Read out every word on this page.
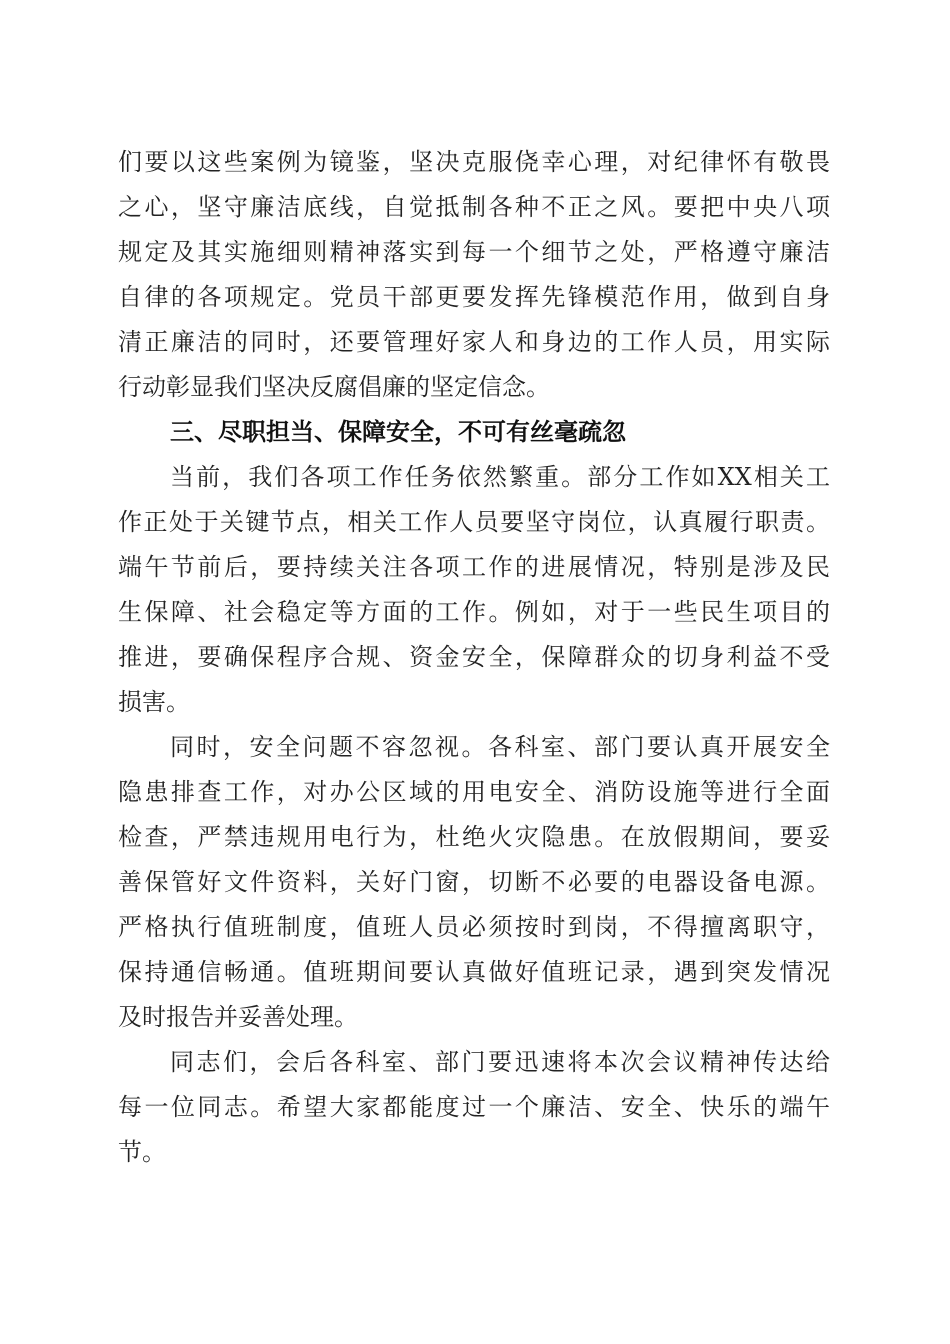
们要以这些案例为镜鉴，坚决克服侥幸心理，对纪律怀有敬畏
之心，坚守廉洁底线，自觉抵制各种不正之风。要把中央八项
规定及其实施细则精神落实到每一个细节之处，严格遵守廉洁
自律的各项规定。党员干部更要发挥先锋模范作用，做到自身
清正廉洁的同时，还要管理好家人和身边的工作人员，用实际
行动彰显我们坚决反腐倡廉的坚定信念。
三、尽职担当、保障安全，不可有丝毫疏忽
当前，我们各项工作任务依然繁重。部分工作如XX相关工
作正处于关键节点，相关工作人员要坚守岗位，认真履行职责。
端午节前后，要持续关注各项工作的进展情况，特别是涉及民
生保障、社会稳定等方面的工作。例如，对于一些民生项目的
推进，要确保程序合规、资金安全，保障群众的切身利益不受
损害。
同时，安全问题不容忽视。各科室、部门要认真开展安全
隐患排查工作，对办公区域的用电安全、消防设施等进行全面
检查，严禁违规用电行为，杜绝火灾隐患。在放假期间，要妥
善保管好文件资料，关好门窗，切断不必要的电器设备电源。
严格执行值班制度，值班人员必须按时到岗，不得擅离职守，
保持通信畅通。值班期间要认真做好值班记录，遇到突发情况
及时报告并妥善处理。
同志们，会后各科室、部门要迅速将本次会议精神传达给
每一位同志。希望大家都能度过一个廉洁、安全、快乐的端午
节。
